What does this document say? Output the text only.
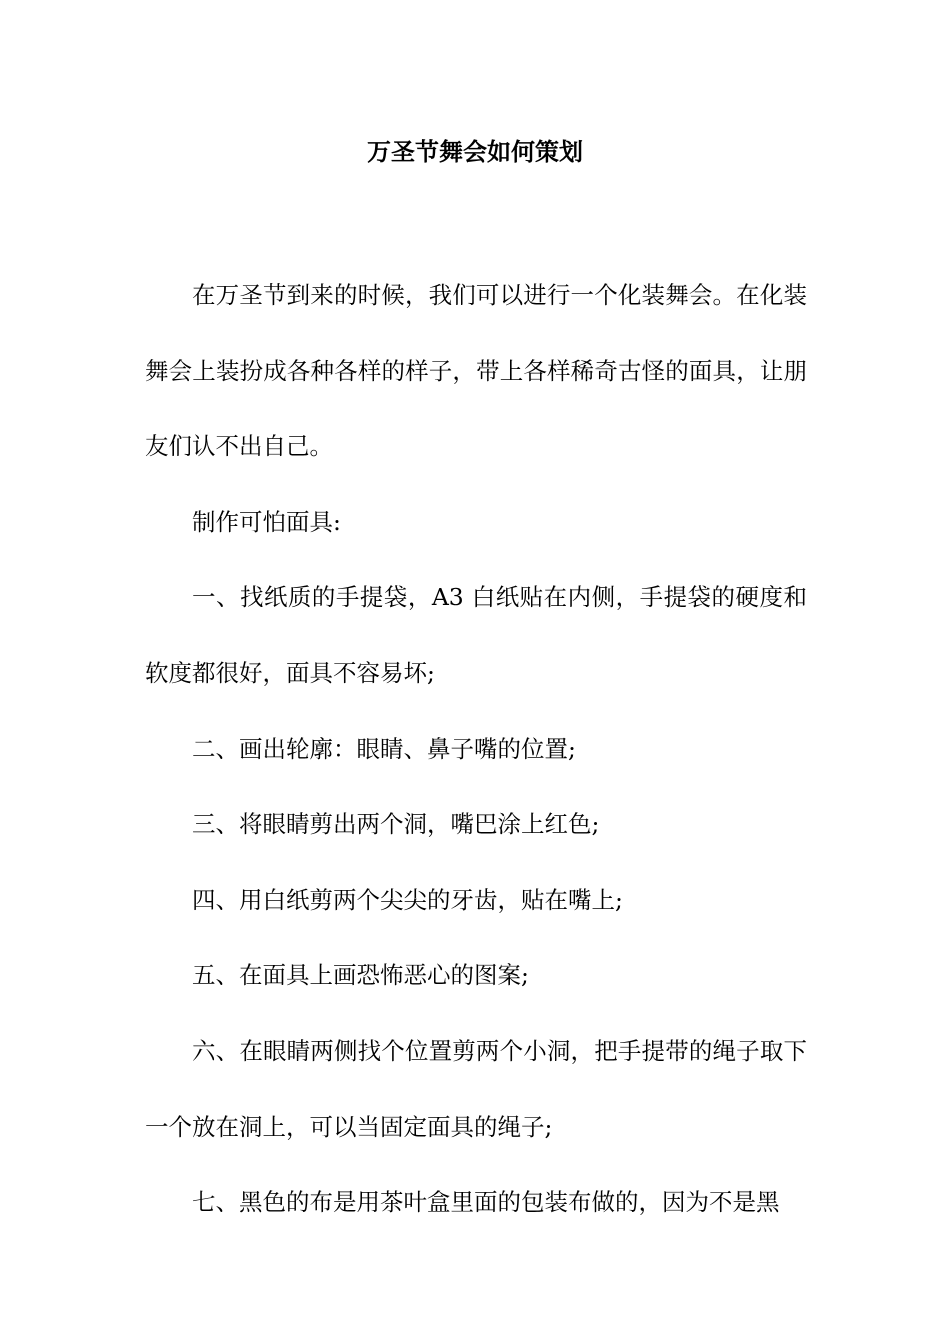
万圣节舞会如何策划

在万圣节到来的时候，我们可以进行一个化装舞会。在化装舞会上装扮成各种各样的样子，带上各样稀奇古怪的面具，让朋友们认不出自己。

制作可怕面具:

一、找纸质的手提袋，A3 白纸贴在内侧，手提袋的硬度和软度都很好，面具不容易坏;

二、画出轮廓：眼睛、鼻子嘴的位置;

三、将眼睛剪出两个洞，嘴巴涂上红色;

四、用白纸剪两个尖尖的牙齿，贴在嘴上;

五、在面具上画恐怖恶心的图案;

六、在眼睛两侧找个位置剪两个小洞，把手提带的绳子取下一个放在洞上，可以当固定面具的绳子;

七、黑色的布是用茶叶盒里面的包装布做的，因为不是黑
